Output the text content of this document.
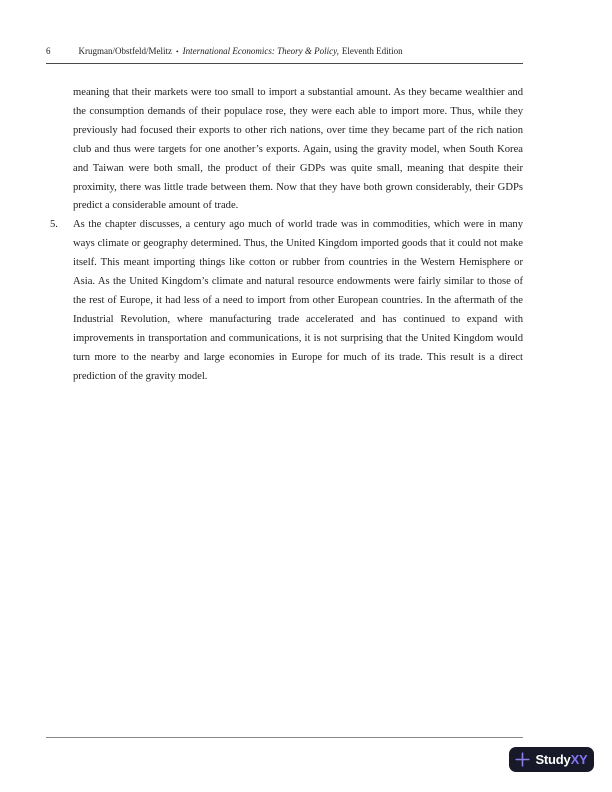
6	Krugman/Obstfeld/Melitz • International Economics: Theory & Policy, Eleventh Edition

meaning that their markets were too small to import a substantial amount. As they became wealthier and the consumption demands of their populace rose, they were each able to import more. Thus, while they previously had focused their exports to other rich nations, over time they became part of the rich nation club and thus were targets for one another’s exports. Again, using the gravity model, when South Korea and Taiwan were both small, the product of their GDPs was quite small, meaning that despite their proximity, there was little trade between them. Now that they have both grown considerably, their GDPs predict a considerable amount of trade.

5. As the chapter discusses, a century ago much of world trade was in commodities, which were in many ways climate or geography determined. Thus, the United Kingdom imported goods that it could not make itself. This meant importing things like cotton or rubber from countries in the Western Hemisphere or Asia. As the United Kingdom’s climate and natural resource endowments were fairly similar to those of the rest of Europe, it had less of a need to import from other European countries. In the aftermath of the Industrial Revolution, where manufacturing trade accelerated and has continued to expand with improvements in transportation and communications, it is not surprising that the United Kingdom would turn more to the nearby and large economies in Europe for much of its trade. This result is a direct prediction of the gravity model.

StudyXY
